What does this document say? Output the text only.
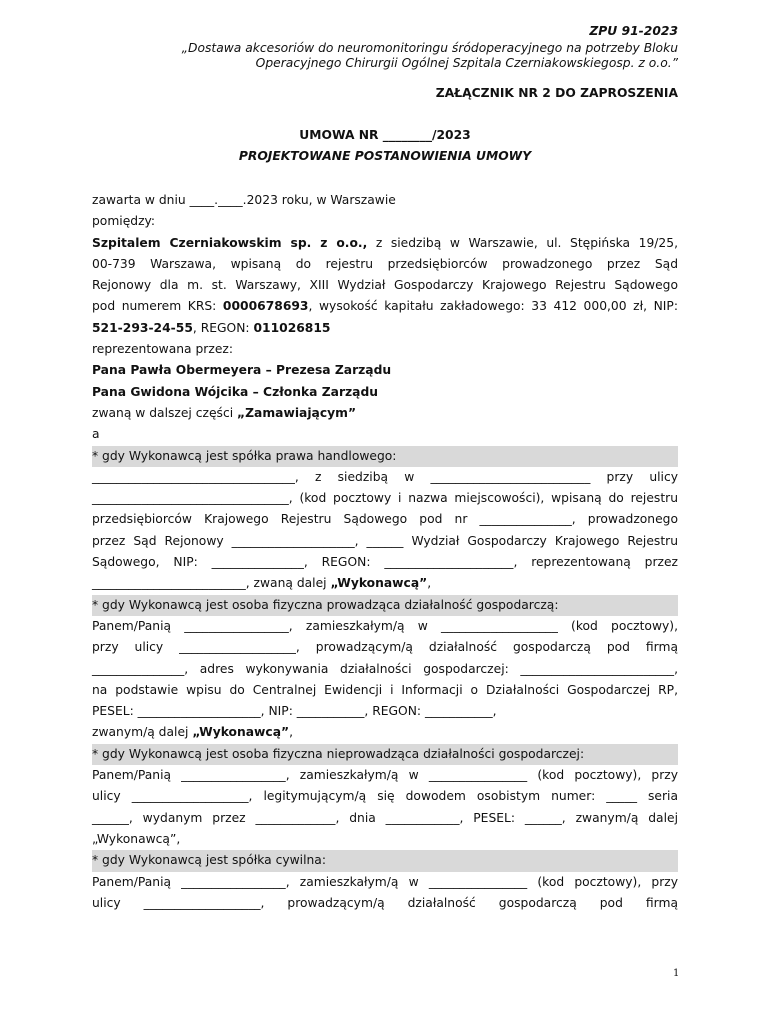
ZPU 91-2023
„Dostawa akcesoriów do neuromonitoringu śródoperacyjnego na potrzeby Bloku
Operacyjnego Chirurgii Ogólnej Szpitala Czerniakowskiegosp. z o.o.”
ZAŁĄCZNIK NR 2 DO ZAPROSZENIA
UMOWA NR ________/2023
PROJEKTOWANE POSTANOWIENIA UMOWY

zawarta w dniu ____.____.2023 roku, w Warszawie

pomiędzy:

Szpitalem Czerniakowskim sp. z o.o., z siedzibą w Warszawie, ul. Stępińska 19/25,

00-739 Warszawa, wpisaną do rejestru przedsiębiorców prowadzonego przez Sąd

Rejonowy dla m. st. Warszawy, XIII Wydział Gospodarczy Krajowego Rejestru Sądowego

pod numerem KRS: 0000678693, wysokość kapitału zakładowego: 33 412 000,00 zł, NIP:

521-293-24-55, REGON: 011026815

reprezentowana przez:

Pana Pawła Obermeyera – Prezesa Zarządu

Pana Gwidona Wójcika – Członka Zarządu

zwaną w dalszej części „Zamawiającym”

a

* gdy Wykonawcą jest spółka prawa handlowego:

_________________________________, z siedzibą w __________________________ przy ulicy

________________________________, (kod pocztowy i nazwa miejscowości), wpisaną do rejestru

przedsiębiorców Krajowego Rejestru Sądowego pod nr _______________, prowadzonego

przez Sąd Rejonowy ____________________, ______ Wydział Gospodarczy Krajowego Rejestru

Sądowego, NIP: _______________, REGON: _____________________, reprezentowaną przez

_________________________, zwaną dalej „Wykonawcą”,

* gdy Wykonawcą jest osoba fizyczna prowadząca działalność gospodarczą:

Panem/Panią _________________, zamieszkałym/ą w ___________________ (kod pocztowy),

przy ulicy ___________________, prowadzącym/ą działalność gospodarczą pod firmą

_______________, adres wykonywania działalności gospodarczej: _________________________,

na podstawie wpisu do Centralnej Ewidencji i Informacji o Działalności Gospodarczej RP,

PESEL: ____________________, NIP: ___________, REGON: ___________,

zwanym/ą dalej „Wykonawcą”,

* gdy Wykonawcą jest osoba fizyczna nieprowadząca działalności gospodarczej:

Panem/Panią _________________, zamieszkałym/ą w ________________ (kod pocztowy), przy

ulicy ___________________, legitymującym/ą się dowodem osobistym numer: _____ seria

______, wydanym przez _____________, dnia ____________, PESEL: ______, zwanym/ą dalej

„Wykonawcą”,

* gdy Wykonawcą jest spółka cywilna:

Panem/Panią _________________, zamieszkałym/ą w ________________ (kod pocztowy), przy

ulicy ___________________, prowadzącym/ą działalność gospodarczą pod firmą

1
